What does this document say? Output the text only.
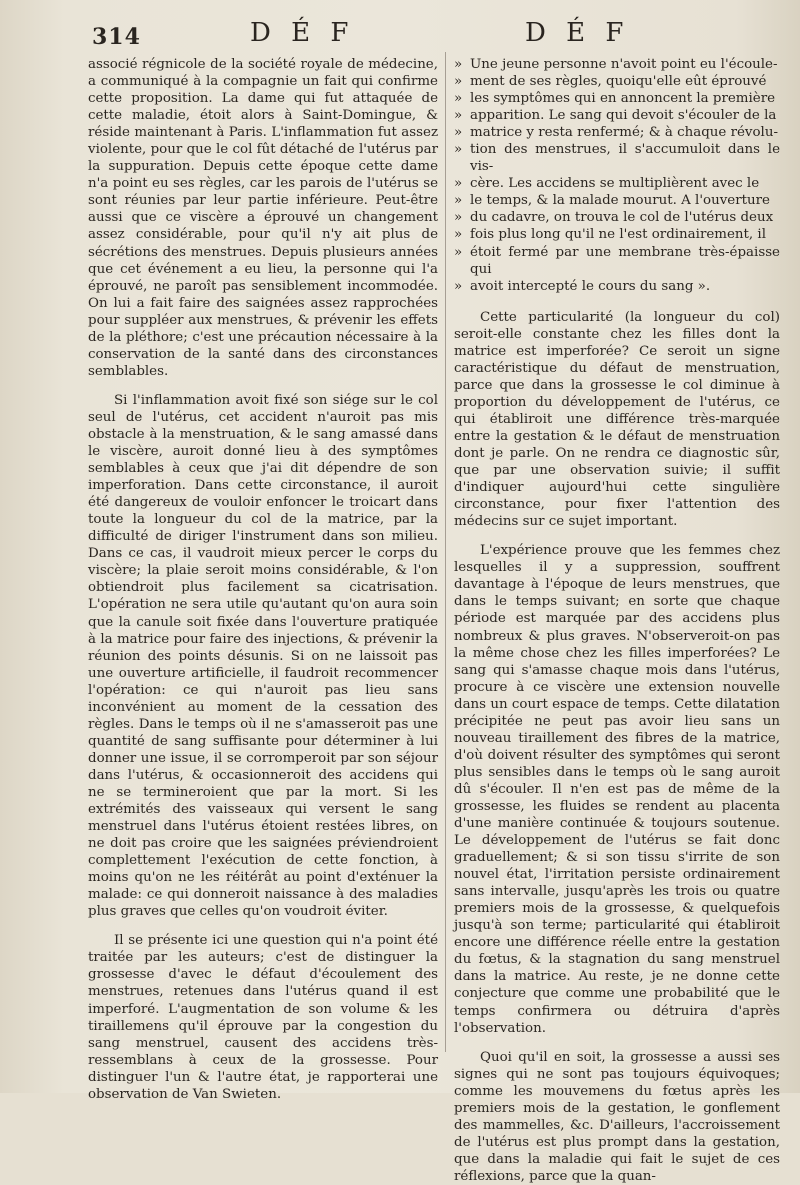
314	D É F	D É F

associé régnicole de la société royale de médecine, a communiqué à la compagnie un fait qui confirme cette proposition. La dame qui fut attaquée de cette maladie, étoit alors à Saint-Domingue, & réside maintenant à Paris. L'inflammation fut assez violente, pour que le col fût détaché de l'utérus par la suppuration. Depuis cette époque cette dame n'a point eu ses règles, car les parois de l'utérus se sont réunies par leur partie inférieure. Peut-être aussi que ce viscère a éprouvé un changement assez considérable, pour qu'il n'y ait plus de sécrétions des menstrues. Depuis plusieurs années que cet événement a eu lieu, la personne qui l'a éprouvé, ne paroît pas sensiblement incommodée. On lui a fait faire des saignées assez rapprochées pour suppléer aux menstrues, & prévenir les effets de la pléthore; c'est une précaution nécessaire à la conservation de la santé dans des circonstances semblables.

Si l'inflammation avoit fixé son siége sur le col seul de l'utérus, cet accident n'auroit pas mis obstacle à la menstruation, & le sang amassé dans le viscère, auroit donné lieu à des symptômes semblables à ceux que j'ai dit dépendre de son imperforation. Dans cette circonstance, il auroit été dangereux de vouloir enfoncer le troicart dans toute la longueur du col de la matrice, par la difficulté de diriger l'instrument dans son milieu. Dans ce cas, il vaudroit mieux percer le corps du viscère; la plaie seroit moins considérable, & l'on obtiendroit plus facilement sa cicatrisation. L'opération ne sera utile qu'autant qu'on aura soin que la canule soit fixée dans l'ouverture pratiquée à la matrice pour faire des injections, & prévenir la réunion des points désunis. Si on ne laissoit pas une ouverture artificielle, il faudroit recommencer l'opération: ce qui n'auroit pas lieu sans inconvénient au moment de la cessation des règles. Dans le temps où il ne s'amasseroit pas une quantité de sang suffisante pour déterminer à lui donner une issue, il se corromperoit par son séjour dans l'utérus, & occasionneroit des accidens qui ne se termineroient que par la mort. Si les extrémités des vaisseaux qui versent le sang menstruel dans l'utérus étoient restées libres, on ne doit pas croire que les saignées préviendroient complettement l'exécution de cette fonction, à moins qu'on ne les réitérât au point d'exténuer la malade: ce qui donneroit naissance à des maladies plus graves que celles qu'on voudroit éviter.

Il se présente ici une question qui n'a point été traitée par les auteurs; c'est de distinguer la grossesse d'avec le défaut d'écoulement des menstrues, retenues dans l'utérus quand il est imperforé. L'augmentation de son volume & les tiraillemens qu'il éprouve par la congestion du sang menstruel, causent des accidens très-ressemblans à ceux de la grossesse. Pour distinguer l'un & l'autre état, je rapporterai une observation de Van Swieten.

» Une jeune personne n'avoit point eu l'écoule-

» ment de ses règles, quoiqu'elle eût éprouvé

» les symptômes qui en annoncent la première

» apparition. Le sang qui devoit s'écouler de la

» matrice y resta renfermé; & à chaque révolu-

» tion des menstrues, il s'accumuloit dans le vis-

» cère. Les accidens se multiplièrent avec le

» le temps, & la malade mourut. A l'ouverture

» du cadavre, on trouva le col de l'utérus deux

» fois plus long qu'il ne l'est ordinairement, il

» étoit fermé par une membrane très-épaisse qui

» avoit intercepté le cours du sang ».

Cette particularité (la longueur du col) seroit-elle constante chez les filles dont la matrice est imperforée? Ce seroit un signe caractéristique du défaut de menstruation, parce que dans la grossesse le col diminue à proportion du développement de l'utérus, ce qui établiroit une différence très-marquée entre la gestation & le défaut de menstruation dont je parle. On ne rendra ce diagnostic sûr, que par une observation suivie; il suffit d'indiquer aujourd'hui cette singulière circonstance, pour fixer l'attention des médecins sur ce sujet important.

L'expérience prouve que les femmes chez lesquelles il y a suppression, souffrent davantage à l'époque de leurs menstrues, que dans le temps suivant; en sorte que chaque période est marquée par des accidens plus nombreux & plus graves. N'observeroit-on pas la même chose chez les filles imperforées? Le sang qui s'amasse chaque mois dans l'utérus, procure à ce viscère une extension nouvelle dans un court espace de temps. Cette dilatation précipitée ne peut pas avoir lieu sans un nouveau tiraillement des fibres de la matrice, d'où doivent résulter des symptômes qui seront plus sensibles dans le temps où le sang auroit dû s'écouler. Il n'en est pas de même de la grossesse, les fluides se rendent au placenta d'une manière continuée & toujours soutenue. Le développement de l'utérus se fait donc graduellement; & si son tissu s'irrite de son nouvel état, l'irritation persiste ordinairement sans intervalle, jusqu'après les trois ou quatre premiers mois de la grossesse, & quelquefois jusqu'à son terme; particularité qui établiroit encore une différence réelle entre la gestation du fœtus, & la stagnation du sang menstruel dans la matrice. Au reste, je ne donne cette conjecture que comme une probabilité que le temps confirmera ou détruira d'après l'observation.

Quoi qu'il en soit, la grossesse a aussi ses signes qui ne sont pas toujours équivoques; comme les mouvemens du fœtus après les premiers mois de la gestation, le gonflement des mammelles, &c. D'ailleurs, l'accroissement de l'utérus est plus prompt dans la gestation, que dans la maladie qui fait le sujet de ces réflexions, parce que la quan-
